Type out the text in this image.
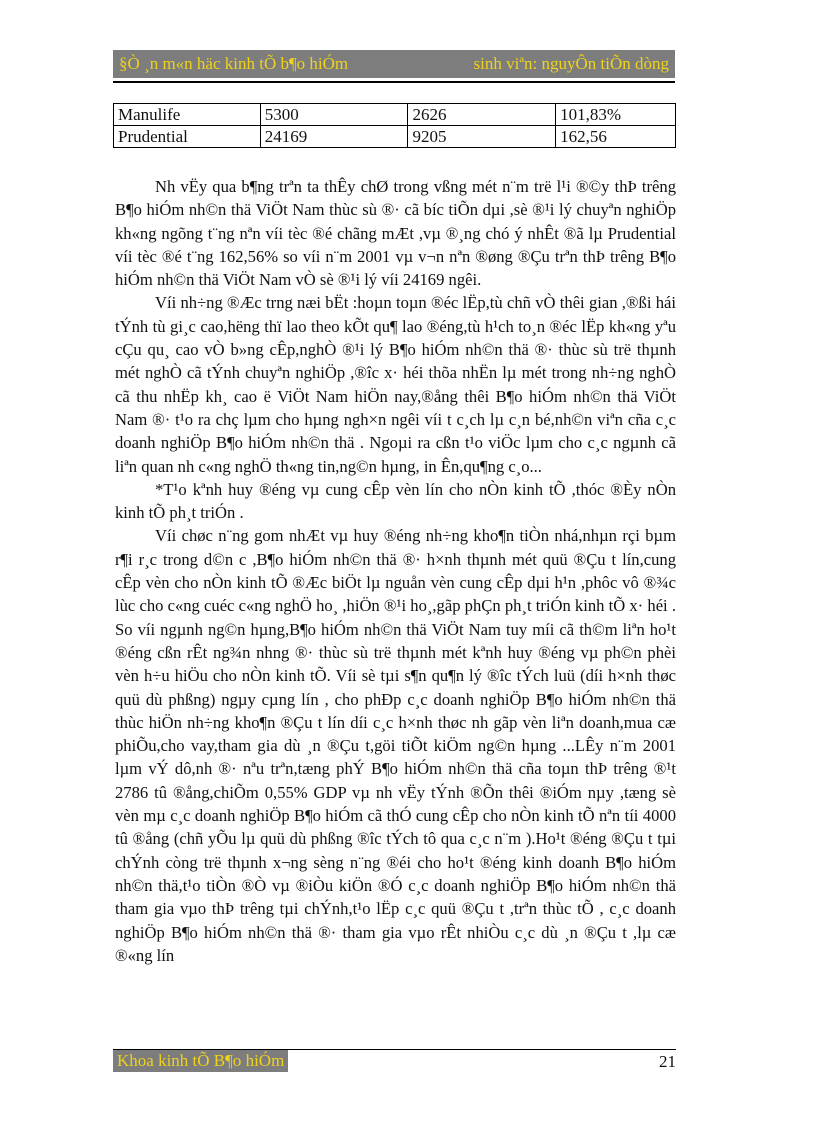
§Ò ¸n m«n häc kinh tÕ b¶o hiÓm	sinh viªn: nguyÔn tiÕn dòng
Manulife	5300	2626	101,83%
Prudential	24169	9205	162,56

Nh vËy qua b¶ng trªn ta thÊy chØ trong vßng mét n¨m trë l¹i ®©y thÞ trêng B¶o hiÓm nh©n thä ViÖt Nam thùc sù ®· cã bíc tiÕn dµi ,sè ®¹i lý chuyªn nghiÖp kh«ng ngõng t¨ng nªn víi tèc ®é chãng mÆt ,vµ ®¸ng chó ý nhÊt ®ã lµ Prudential víi tèc ®é t¨ng 162,56% so víi n¨m 2001 vµ v¬n nªn ®øng ®Çu trªn thÞ trêng B¶o hiÓm nh©n thä ViÖt Nam vÒ sè ®¹i lý víi 24169 ngêi.

Víi nh÷ng ®Æc trng næi bËt :hoµn toµn ®éc lËp,tù chñ vÒ thêi gian ,®ßi hái tÝnh tù gi¸c cao,hëng thï lao theo kÕt qu¶ lao ®éng,tù h¹ch to¸n ®éc lËp kh«ng yªu cÇu qu¸ cao vÒ b»ng cÊp,nghÒ ®¹i lý B¶o hiÓm nh©n thä ®· thùc sù trë thµnh mét nghÒ cã tÝnh chuyªn nghiÖp ,®îc x· héi thõa nhËn lµ mét trong nh÷ng nghÒ cã thu nhËp kh¸ cao ë ViÖt Nam hiÖn nay,®ång thêi B¶o hiÓm nh©n thä ViÖt Nam ®· t¹o ra chç lµm cho hµng ngh×n ngêi víi t c¸ch lµ c¸n bé,nh©n viªn cña c¸c doanh nghiÖp B¶o hiÓm nh©n thä . Ngoµi ra cßn t¹o viÖc lµm cho c¸c ngµnh cã liªn quan nh c«ng nghÖ th«ng tin,ng©n hµng, in Ên,qu¶ng c¸o...

*T¹o kªnh huy ®éng vµ cung cÊp vèn lín cho nÒn kinh tÕ ,thóc ®Èy nÒn kinh tÕ ph¸t triÓn .

Víi chøc n¨ng gom nhÆt vµ huy ®éng nh÷ng kho¶n tiÒn nhá,nhµn rçi bµm r¶i r¸c trong d©n c ,B¶o hiÓm nh©n thä ®· h×nh thµnh mét quü ®Çu t lín,cung cÊp vèn cho nÒn kinh tÕ ®Æc biÖt lµ nguån vèn cung cÊp dµi h¹n ,phôc vô ®¾c lùc cho c«ng cuéc c«ng nghÖ ho¸ ,hiÖn ®¹i ho¸,gãp phÇn ph¸t triÓn kinh tÕ x· héi . So víi ngµnh ng©n hµng,B¶o hiÓm nh©n thä ViÖt Nam tuy míi cã th©m liªn ho¹t ®éng cßn rÊt ng¾n nhng ®· thùc sù trë thµnh mét kªnh huy ®éng vµ ph©n phèi vèn h÷u hiÖu cho nÒn kinh tÕ. Víi sè tµi s¶n qu¶n lý ®îc tÝch luü (díi h×nh thøc quü dù phßng) ngµy cµng lín , cho phÐp c¸c doanh nghiÖp B¶o hiÓm nh©n thä thùc hiÖn nh÷ng kho¶n ®Çu t lín díi c¸c h×nh thøc nh gãp vèn liªn doanh,mua cæ phiÕu,cho vay,tham gia dù ¸n ®Çu t,göi tiÕt kiÖm ng©n hµng ...LÊy n¨m 2001 lµm vÝ dô,nh ®· nªu trªn,tæng phÝ B¶o hiÓm nh©n thä cña toµn thÞ trêng ®¹t 2786 tû ®ång,chiÕm 0,55% GDP vµ nh vËy tÝnh ®Õn thêi ®iÓm nµy ,tæng sè vèn mµ c¸c doanh nghiÖp B¶o hiÓm cã thÓ cung cÊp cho nÒn kinh tÕ nªn tíi 4000 tû ®ång (chñ yÕu lµ quü dù phßng ®îc tÝch tô qua c¸c n¨m ).Ho¹t ®éng ®Çu t tµi chÝnh còng trë thµnh x¬ng sèng n¨ng ®éi cho ho¹t ®éng kinh doanh B¶o hiÓm nh©n thä,t¹o tiÒn ®Ò vµ ®iÒu kiÖn ®Ó c¸c doanh nghiÖp B¶o hiÓm nh©n thä tham gia vµo thÞ trêng tµi chÝnh,t¹o lËp c¸c quü ®Çu t ,trªn thùc tÕ , c¸c doanh nghiÖp B¶o hiÓm nh©n thä ®· tham gia vµo rÊt nhiÒu c¸c dù ¸n ®Çu t ,lµ cæ ®«ng lín

Khoa kinh tÕ B¶o hiÓm	21
